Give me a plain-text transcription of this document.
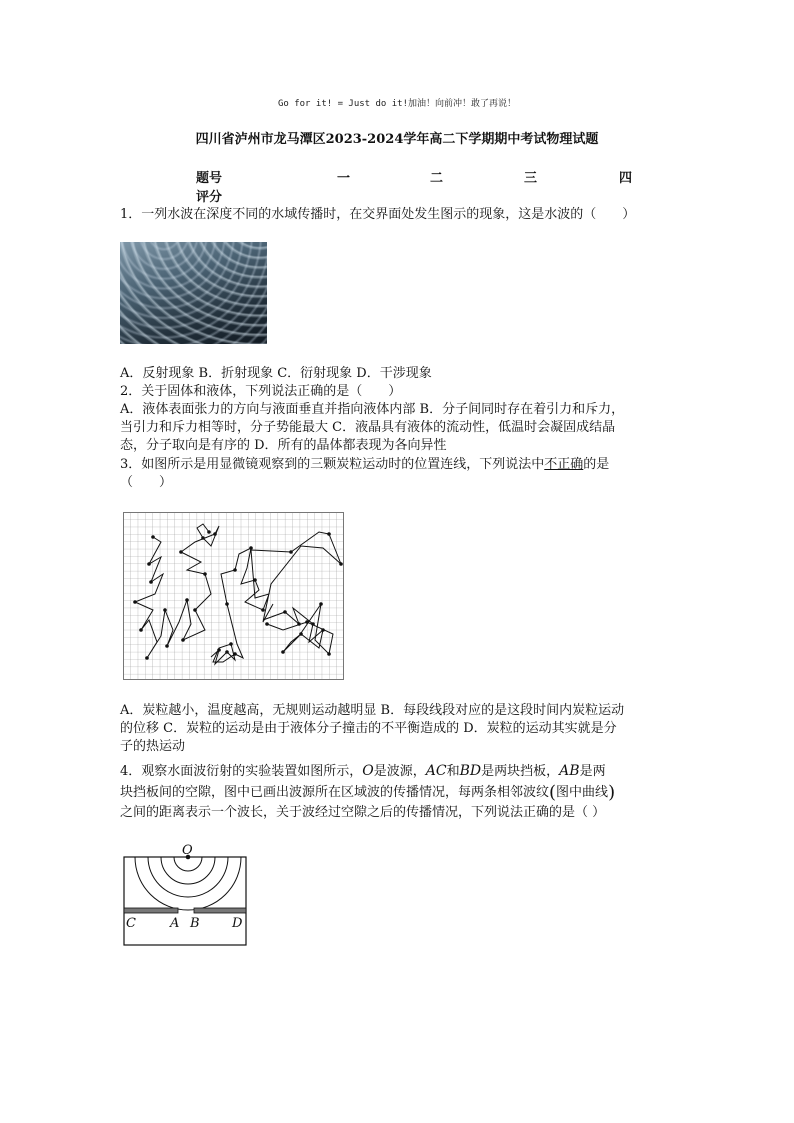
Go for it! = Just do it!加油！向前冲！敢了再说！
四川省泸州市龙马潭区2023-2024学年高二下学期期中考试物理试题
题号	一	二	三	四
评分
1．一列水波在深度不同的水域传播时，在交界面处发生图示的现象，这是水波的（　　）
A．反射现象 B．折射现象 C．衍射现象 D．干涉现象
2．关于固体和液体，下列说法正确的是（　　）
A．液体表面张力的方向与液面垂直并指向液体内部 B．分子间同时存在着引力和斥力，
当引力和斥力相等时，分子势能最大 C．液晶具有液体的流动性，低温时会凝固成结晶
态，分子取向是有序的 D．所有的晶体都表现为各向异性
3．如图所示是用显微镜观察到的三颗炭粒运动时的位置连线，下列说法中不正确的是
（　　）
A．炭粒越小，温度越高，无规则运动越明显 B．每段线段对应的是这段时间内炭粒运动
的位移 C．炭粒的运动是由于液体分子撞击的不平衡造成的 D．炭粒的运动其实就是分
子的热运动
4．观察水面波衍射的实验装置如图所示，O是波源，AC和BD是两块挡板，AB是两
块挡板间的空隙，图中已画出波源所在区域波的传播情况，每两条相邻波纹(图中曲线)
之间的距离表示一个波长，关于波经过空隙之后的传播情况，下列说法正确的是（ ）
O
C	A B D
